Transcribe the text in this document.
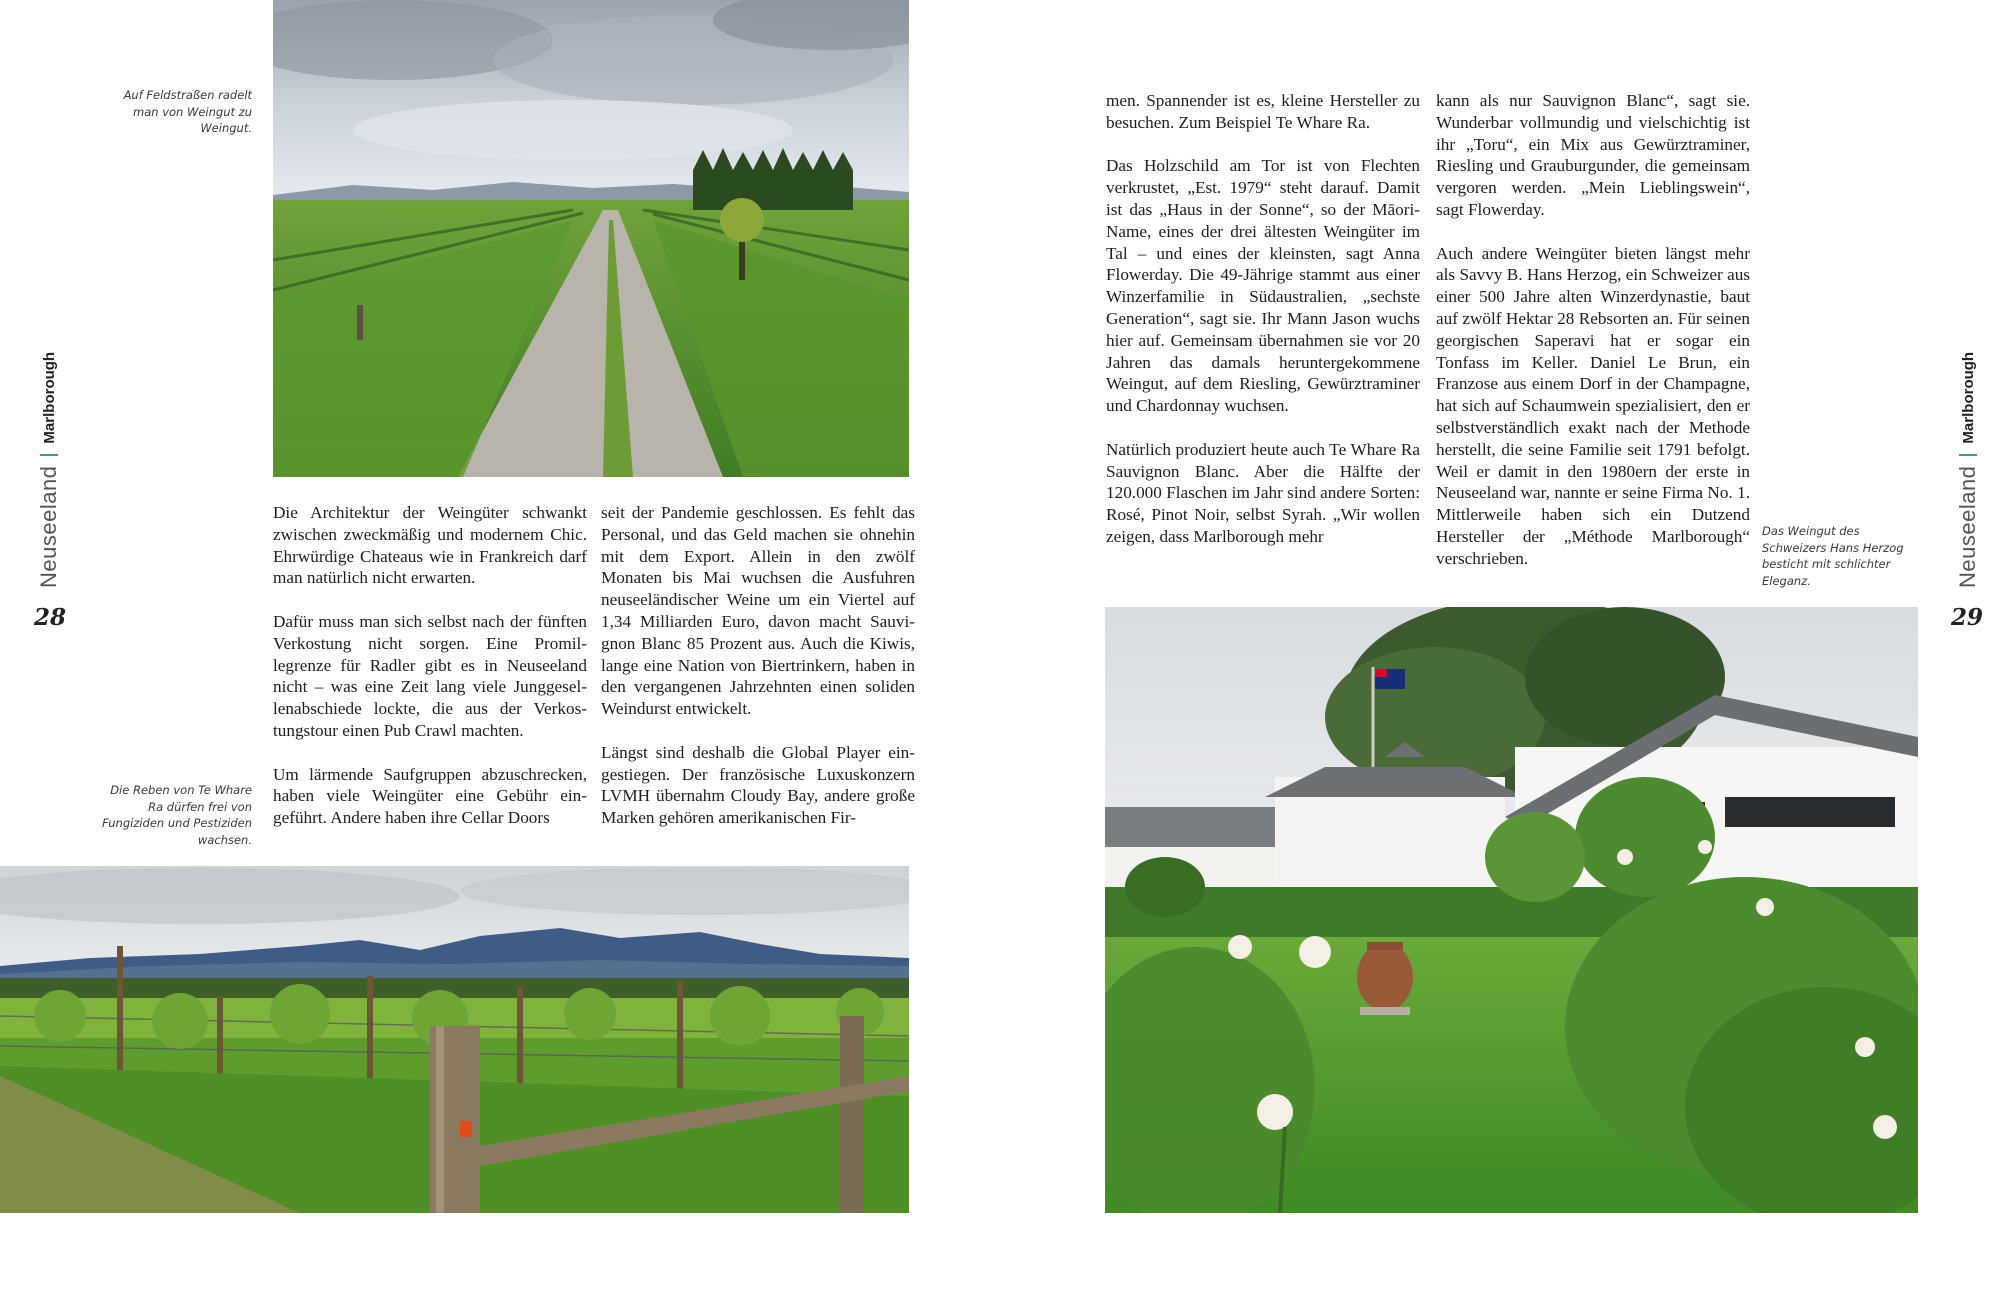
Auf Feldstraßen radelt man von Weingut zu Weingut.

Die Architektur der Weingüter schwankt zwischen zweckmäßig und modernem Chic. Ehrwürdige Chateaus wie in Frankreich darf man natürlich nicht erwarten.

Dafür muss man sich selbst nach der fünften Verkostung nicht sorgen. Eine Promillegrenze für Radler gibt es in Neuseeland nicht – was eine Zeit lang viele Junggesellenabschiede lockte, die aus der Verkostungstour einen Pub Crawl machten.

Um lärmende Saufgruppen abzuschrecken, haben viele Weingüter eine Gebühr eingeführt. Andere haben ihre Cellar Doors

seit der Pandemie geschlossen. Es fehlt das Personal, und das Geld machen sie ohnehin mit dem Export. Allein in den zwölf Monaten bis Mai wuchsen die Ausfuhren neuseeländischer Weine um ein Viertel auf 1,34 Milliarden Euro, davon macht Sauvignon Blanc 85 Prozent aus. Auch die Kiwis, lange eine Nation von Biertrinkern, haben in den vergangenen Jahrzehnten einen soliden Weindurst entwickelt.

Längst sind deshalb die Global Player eingestiegen. Der französische Luxuskonzern LVMH übernahm Cloudy Bay, andere große Marken gehören amerikanischen Fir-

Die Reben von Te Whare Ra dürfen frei von Fungiziden und Pestiziden wachsen.
Neuseeland
Marlborough
28

men. Spannender ist es, kleine Hersteller zu besuchen. Zum Beispiel Te Whare Ra.

Das Holzschild am Tor ist von Flechten verkrustet, „Est. 1979“ steht darauf. Damit ist das „Haus in der Sonne“, so der Māori-Name, eines der drei ältesten Weingüter im Tal – und eines der kleinsten, sagt Anna Flowerday. Die 49-Jährige stammt aus einer Winzerfamilie in Südaustralien, „sechste Generation“, sagt sie. Ihr Mann Jason wuchs hier auf. Gemeinsam übernahmen sie vor 20 Jahren das damals heruntergekommene Weingut, auf dem Riesling, Gewürztraminer und Chardonnay wuchsen.

Natürlich produziert heute auch Te Whare Ra Sauvignon Blanc. Aber die Hälfte der 120.000 Flaschen im Jahr sind andere Sorten: Rosé, Pinot Noir, selbst Syrah. „Wir wollen zeigen, dass Marlborough mehr

kann als nur Sauvignon Blanc“, sagt sie. Wunderbar vollmundig und vielschichtig ist ihr „Toru“, ein Mix aus Gewürztraminer, Riesling und Grauburgunder, die gemeinsam vergoren werden. „Mein Lieblingswein“, sagt Flowerday.

Auch andere Weingüter bieten längst mehr als Savvy B. Hans Herzog, ein Schweizer aus einer 500 Jahre alten Winzerdynastie, baut auf zwölf Hektar 28 Rebsorten an. Für seinen georgischen Saperavi hat er sogar ein Tonfass im Keller. Daniel Le Brun, ein Franzose aus einem Dorf in der Champagne, hat sich auf Schaumwein spezialisiert, den er selbstverständlich exakt nach der Methode herstellt, die seine Familie seit 1791 befolgt. Weil er damit in den 1980ern der erste in Neuseeland war, nannte er seine Firma No. 1. Mittlerweile haben sich ein Dutzend Hersteller der „Méthode Marlborough“ verschrieben.

Das Weingut des Schweizers Hans Herzog besticht mit schlichter Eleganz.	Neuseeland
Marlborough
29
